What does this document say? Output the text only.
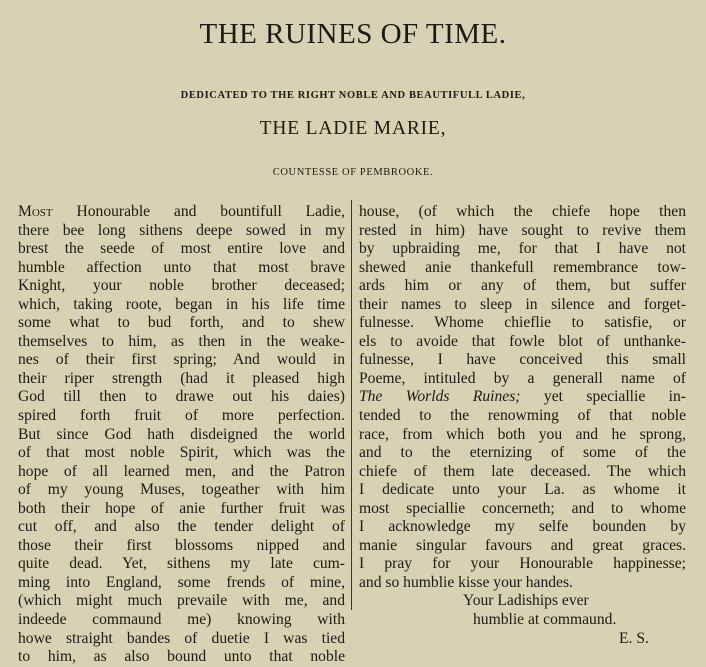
THE RUINES OF TIME.
DEDICATED TO THE RIGHT NOBLE AND BEAUTIFULL LADIE,
THE LADIE MARIE,
COUNTESSE OF PEMBROOKE.
Most Honourable and bountifull Ladie,
there bee long sithens deepe sowed in my
brest the seede of most entire love and
humble affection unto that most brave
Knight, your noble brother deceased;
which, taking roote, began in his life time
some what to bud forth, and to shew
themselves to him, as then in the weake-
nes of their first spring; And would in
their riper strength (had it pleased high
God till then to drawe out his daies)
spired forth fruit of more perfection.
But since God hath disdeigned the world
of that most noble Spirit, which was the
hope of all learned men, and the Patron
of my young Muses, togeather with him
both their hope of anie further fruit was
cut off, and also the tender delight of
those their first blossoms nipped and
quite dead. Yet, sithens my late cum-
ming into England, some frends of mine,
(which might much prevaile with me, and
indeede commaund me) knowing with
howe straight bandes of duetie I was tied
to him, as also bound unto that noble
house, (of which the chiefe hope then
rested in him) have sought to revive them
by upbraiding me, for that I have not
shewed anie thankefull remembrance tow-
ards him or any of them, but suffer
their names to sleep in silence and forget-
fulnesse. Whome chieflie to satisfie, or
els to avoide that fowle blot of unthanke-
fulnesse, I have conceived this small
Poeme, intituled by a generall name of
The Worlds Ruines; yet speciallie in-
tended to the renowming of that noble
race, from which both you and he sprong,
and to the eternizing of some of the
chiefe of them late deceased. The which
I dedicate unto your La. as whome it
most speciallie concerneth; and to whome
I acknowledge my selfe bounden by
manie singular favours and great graces.
I pray for your Honourable happinesse;
and so humblie kisse your handes.
Your Ladiships ever
humblie at commaund.
E. S.
